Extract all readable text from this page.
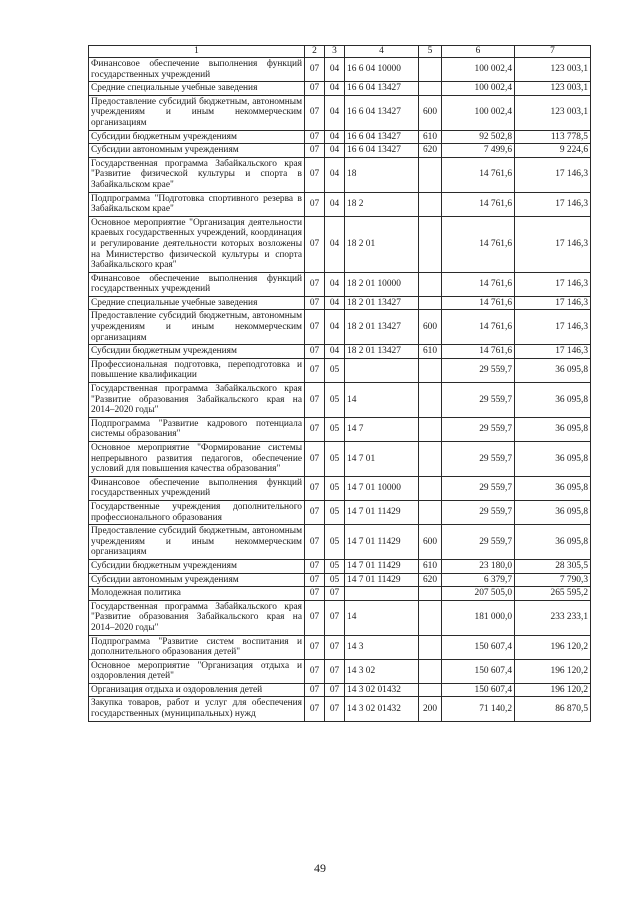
1	2	3	4	5	6	7
Финансовое обеспечение выполнения функций государственных учреждений	07	04	16 6 04 10000		100 002,4	123 003,1
Средние специальные учебные заведения	07	04	16 6 04 13427		100 002,4	123 003,1
Предоставление субсидий бюджетным, автономным учреждениям и иным некоммерческим организациям	07	04	16 6 04 13427	600	100 002,4	123 003,1
Субсидии бюджетным учреждениям	07	04	16 6 04 13427	610	92 502,8	113 778,5
Субсидии автономным учреждениям	07	04	16 6 04 13427	620	7 499,6	9 224,6
Государственная программа Забайкальского края "Развитие физической культуры и спорта в Забайкальском крае"	07	04	18		14 761,6	17 146,3
Подпрограмма "Подготовка спортивного резерва в Забайкальском крае"	07	04	18 2		14 761,6	17 146,3
Основное мероприятие "Организация деятельности краевых государственных учреждений, координация и регулирование деятельности которых возложены на Министерство физической культуры и спорта Забайкальского края"	07	04	18 2 01		14 761,6	17 146,3
Финансовое обеспечение выполнения функций государственных учреждений	07	04	18 2 01 10000		14 761,6	17 146,3
Средние специальные учебные заведения	07	04	18 2 01 13427		14 761,6	17 146,3
Предоставление субсидий бюджетным, автономным учреждениям и иным некоммерческим организациям	07	04	18 2 01 13427	600	14 761,6	17 146,3
Субсидии бюджетным учреждениям	07	04	18 2 01 13427	610	14 761,6	17 146,3
Профессиональная подготовка, переподготовка и повышение квалификации	07	05			29 559,7	36 095,8
Государственная программа Забайкальского края "Развитие образования Забайкальского края на 2014–2020 годы"	07	05	14		29 559,7	36 095,8
Подпрограмма "Развитие кадрового потенциала системы образования"	07	05	14 7		29 559,7	36 095,8
Основное мероприятие "Формирование системы непрерывного развития педагогов, обеспечение условий для повышения качества образования"	07	05	14 7 01		29 559,7	36 095,8
Финансовое обеспечение выполнения функций государственных учреждений	07	05	14 7 01 10000		29 559,7	36 095,8
Государственные учреждения дополнительного профессионального образования	07	05	14 7 01 11429		29 559,7	36 095,8
Предоставление субсидий бюджетным, автономным учреждениям и иным некоммерческим организациям	07	05	14 7 01 11429	600	29 559,7	36 095,8
Субсидии бюджетным учреждениям	07	05	14 7 01 11429	610	23 180,0	28 305,5
Субсидии автономным учреждениям	07	05	14 7 01 11429	620	6 379,7	7 790,3
Молодежная политика	07	07			207 505,0	265 595,2
Государственная программа Забайкальского края "Развитие образования Забайкальского края на 2014–2020 годы"	07	07	14		181 000,0	233 233,1
Подпрограмма "Развитие систем воспитания и дополнительного образования детей"	07	07	14 3		150 607,4	196 120,2
Основное мероприятие "Организация отдыха и оздоровления детей"	07	07	14 3 02		150 607,4	196 120,2
Организация отдыха и оздоровления детей	07	07	14 3 02 01432		150 607,4	196 120,2
Закупка товаров, работ и услуг для обеспечения государственных (муниципальных) нужд	07	07	14 3 02 01432	200	71 140,2	86 870,5
49
